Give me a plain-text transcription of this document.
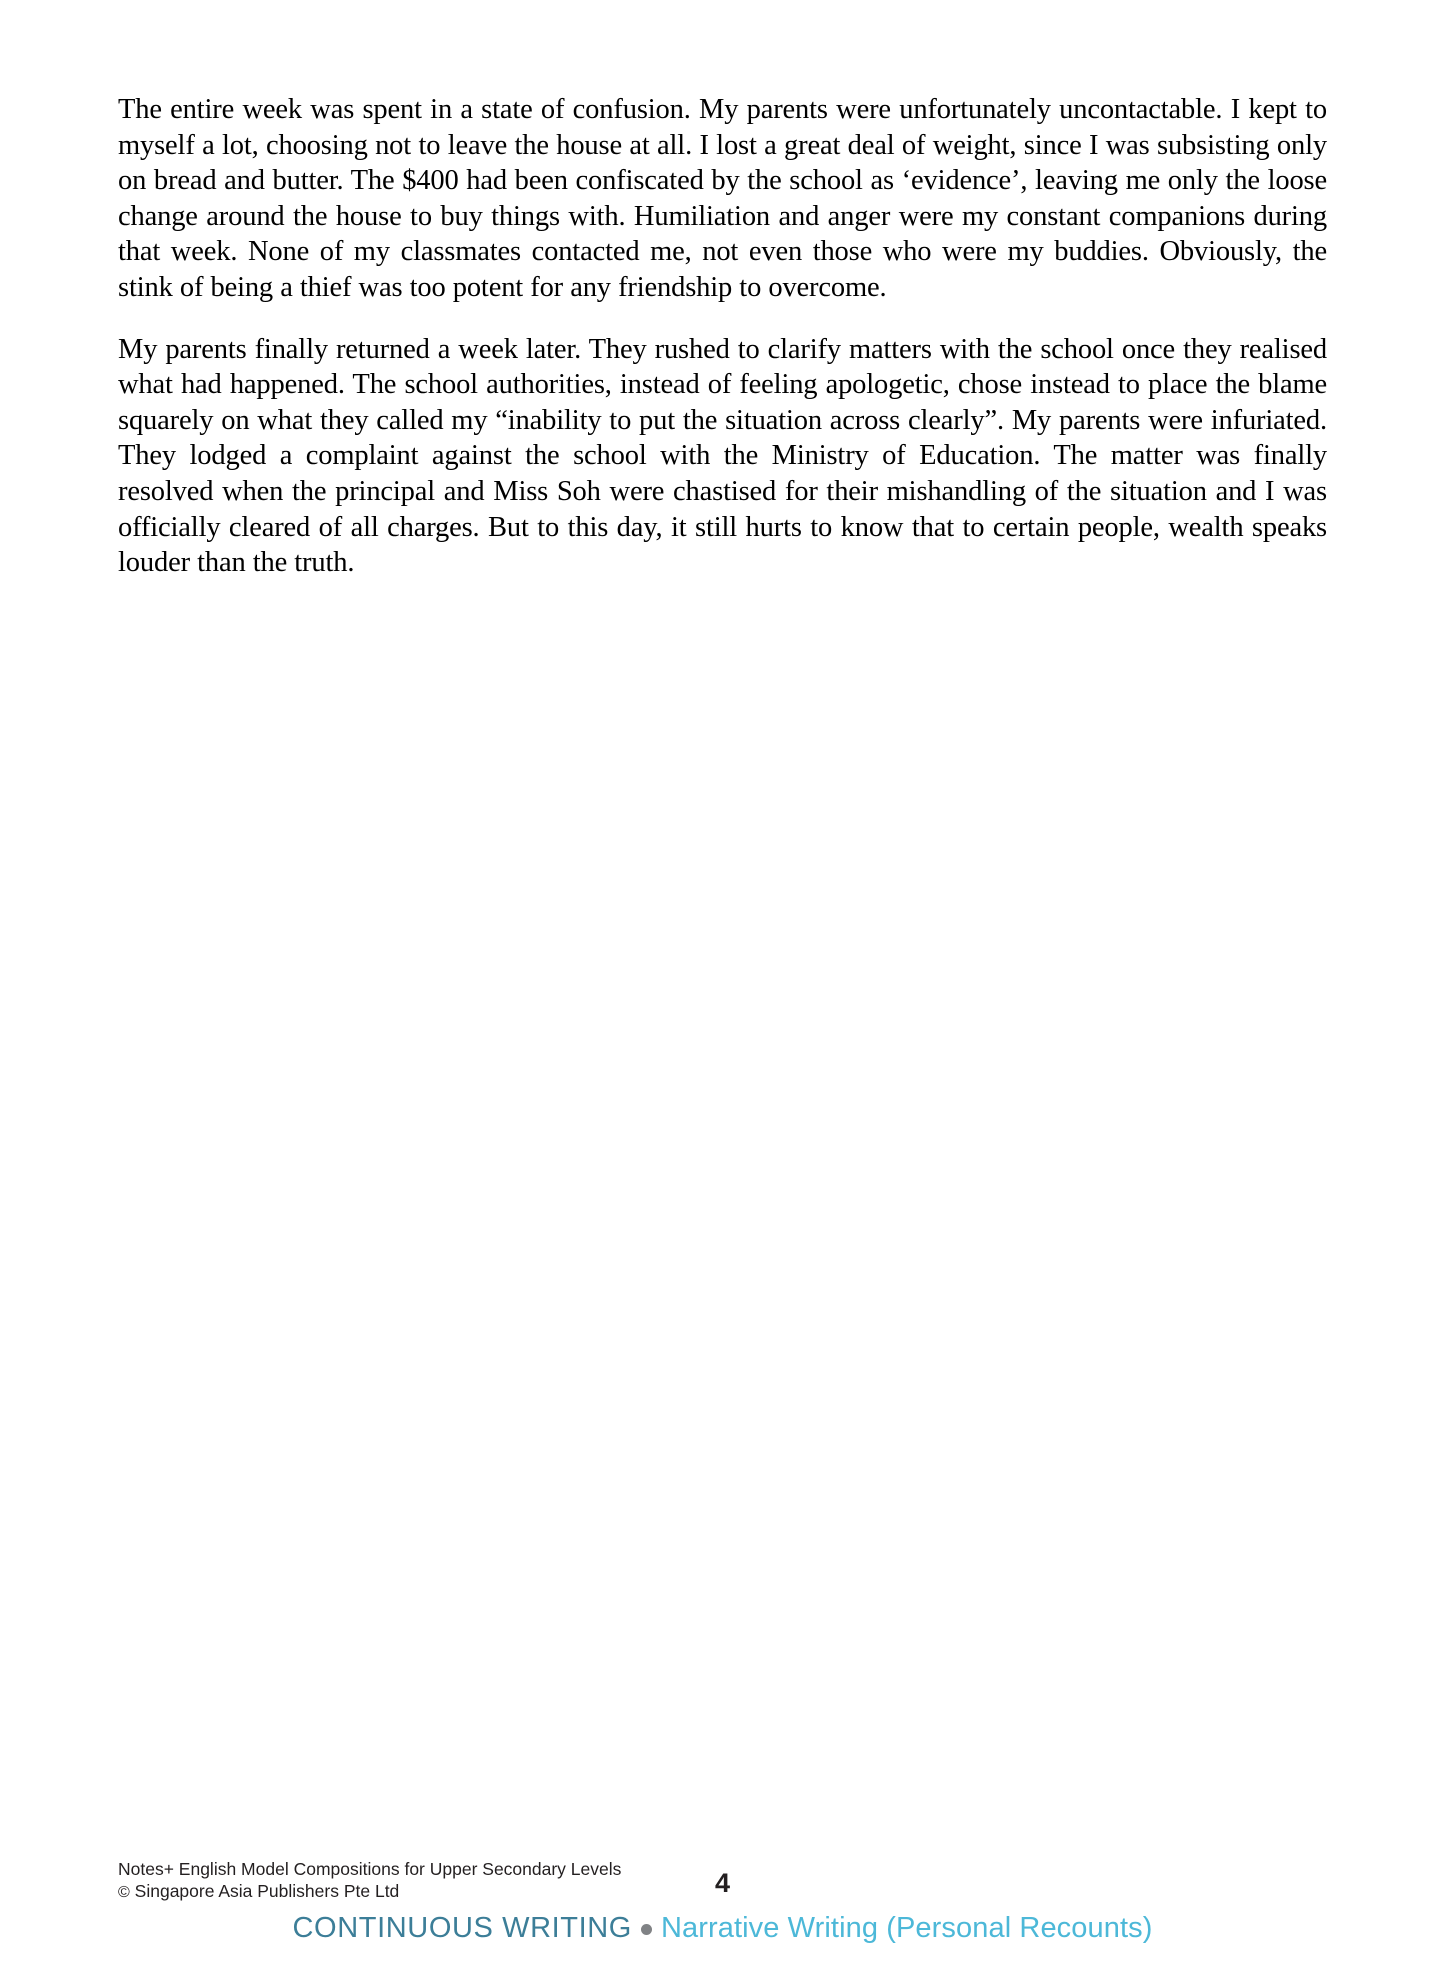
The entire week was spent in a state of confusion. My parents were unfortunately uncontactable. I kept to myself a lot, choosing not to leave the house at all. I lost a great deal of weight, since I was subsisting only on bread and butter. The $400 had been confiscated by the school as ‘evidence’, leaving me only the loose change around the house to buy things with. Humiliation and anger were my constant companions during that week. None of my classmates contacted me, not even those who were my buddies. Obviously, the stink of being a thief was too potent for any friendship to overcome.

My parents finally returned a week later. They rushed to clarify matters with the school once they realised what had happened. The school authorities, instead of feeling apologetic, chose instead to place the blame squarely on what they called my “inability to put the situation across clearly”. My parents were infuriated. They lodged a complaint against the school with the Ministry of Education. The matter was finally resolved when the principal and Miss Soh were chastised for their mishandling of the situation and I was officially cleared of all charges. But to this day, it still hurts to know that to certain people, wealth speaks louder than the truth.

Notes+ English Model Compositions for Upper Secondary Levels
© Singapore Asia Publishers Pte Ltd	4
CONTINUOUS WRITING Narrative Writing (Personal Recounts)
